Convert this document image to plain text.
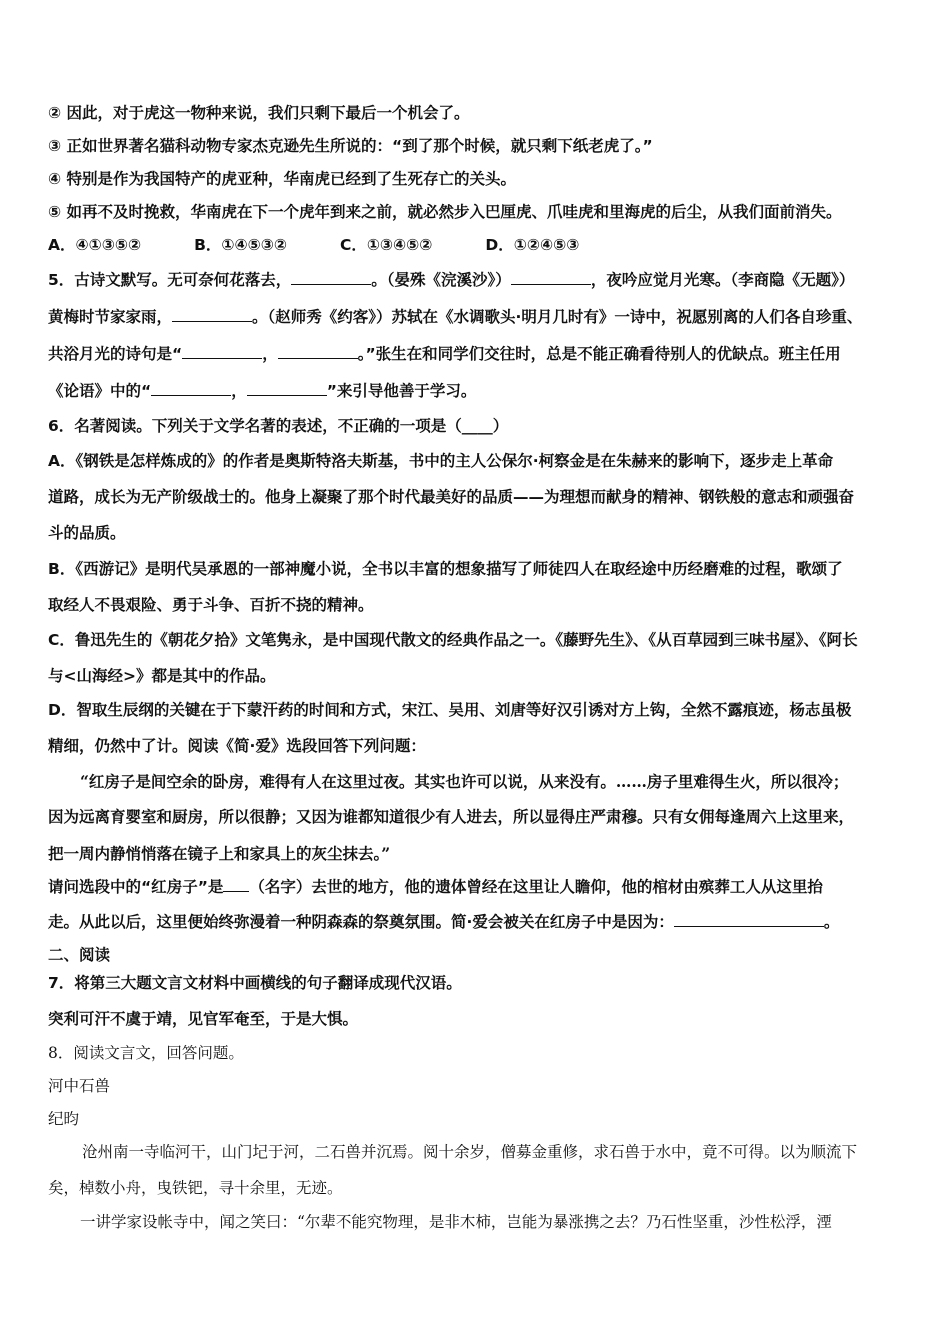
② 因此，对于虎这一物种来说，我们只剩下最后一个机会了。
③ 正如世界著名猫科动物专家杰克逊先生所说的：“到了那个时候，就只剩下纸老虎了。”
④ 特别是作为我国特产的虎亚种，华南虎已经到了生死存亡的关头。
⑤ 如再不及时挽救，华南虎在下一个虎年到来之前，就必然步入巴厘虎、爪哇虎和里海虎的后尘，从我们面前消失。
A．④①③⑤②	B．①④⑤③②	C．①③④⑤②	D．①②④⑤③
5．古诗文默写。无可奈何花落去，	。（晏殊《浣溪沙》）	，夜吟应觉月光寒。（李商隐《无题》）
黄梅时节家家雨，	。（赵师秀《约客》）苏轼在《水调歌头·明月几时有》一诗中，祝愿别离的人们各自珍重、
共浴月光的诗句是“	，	。”张生在和同学们交往时，总是不能正确看待别人的优缺点。班主任用
《论语》中的“	，	”来引导他善于学习。
6．名著阅读。下列关于文学名著的表述，不正确的一项是（____）
A．《钢铁是怎样炼成的》的作者是奥斯特洛夫斯基，书中的主人公保尔·柯察金是在朱赫来的影响下，逐步走上革命
道路，成长为无产阶级战士的。他身上凝聚了那个时代最美好的品质——为理想而献身的精神、钢铁般的意志和顽强奋
斗的品质。
B．《西游记》是明代吴承恩的一部神魔小说，全书以丰富的想象描写了师徒四人在取经途中历经磨难的过程，歌颂了
取经人不畏艰险、勇于斗争、百折不挠的精神。
C．鲁迅先生的《朝花夕拾》文笔隽永，是中国现代散文的经典作品之一。《藤野先生》、《从百草园到三味书屋》、《阿长
与<山海经>》都是其中的作品。
D．智取生辰纲的关键在于下蒙汗药的时间和方式，宋江、吴用、刘唐等好汉引诱对方上钩，全然不露痕迹，杨志虽极
精细，仍然中了计。阅读《简·爱》选段回答下列问题：
“红房子是间空余的卧房，难得有人在这里过夜。其实也许可以说，从来没有。……房子里难得生火，所以很冷；
因为远离育婴室和厨房，所以很静；又因为谁都知道很少有人进去，所以显得庄严肃穆。只有女佣每逢周六上这里来，
把一周内静悄悄落在镜子上和家具上的灰尘抹去。”
请问选段中的“红房子”是 （名字）去世的地方，他的遗体曾经在这里让人瞻仰，他的棺材由殡葬工人从这里抬
走。从此以后，这里便始终弥漫着一种阴森森的祭奠氛围。简·爱会被关在红房子中是因为：	。
二、阅读
7．将第三大题文言文材料中画横线的句子翻译成现代汉语。
突利可汗不虞于靖，见官军奄至，于是大惧。
8．阅读文言文，回答问题。
河中石兽
纪昀
沧州南一寺临河干，山门圮于河，二石兽并沉焉。阅十余岁，僧募金重修，求石兽于水中，竟不可得。以为顺流下
矣，棹数小舟，曳铁钯，寻十余里，无迹。
一讲学家设帐寺中，闻之笑曰：“尔辈不能究物理，是非木柿，岂能为暴涨携之去？乃石性坚重，沙性松浮，湮
